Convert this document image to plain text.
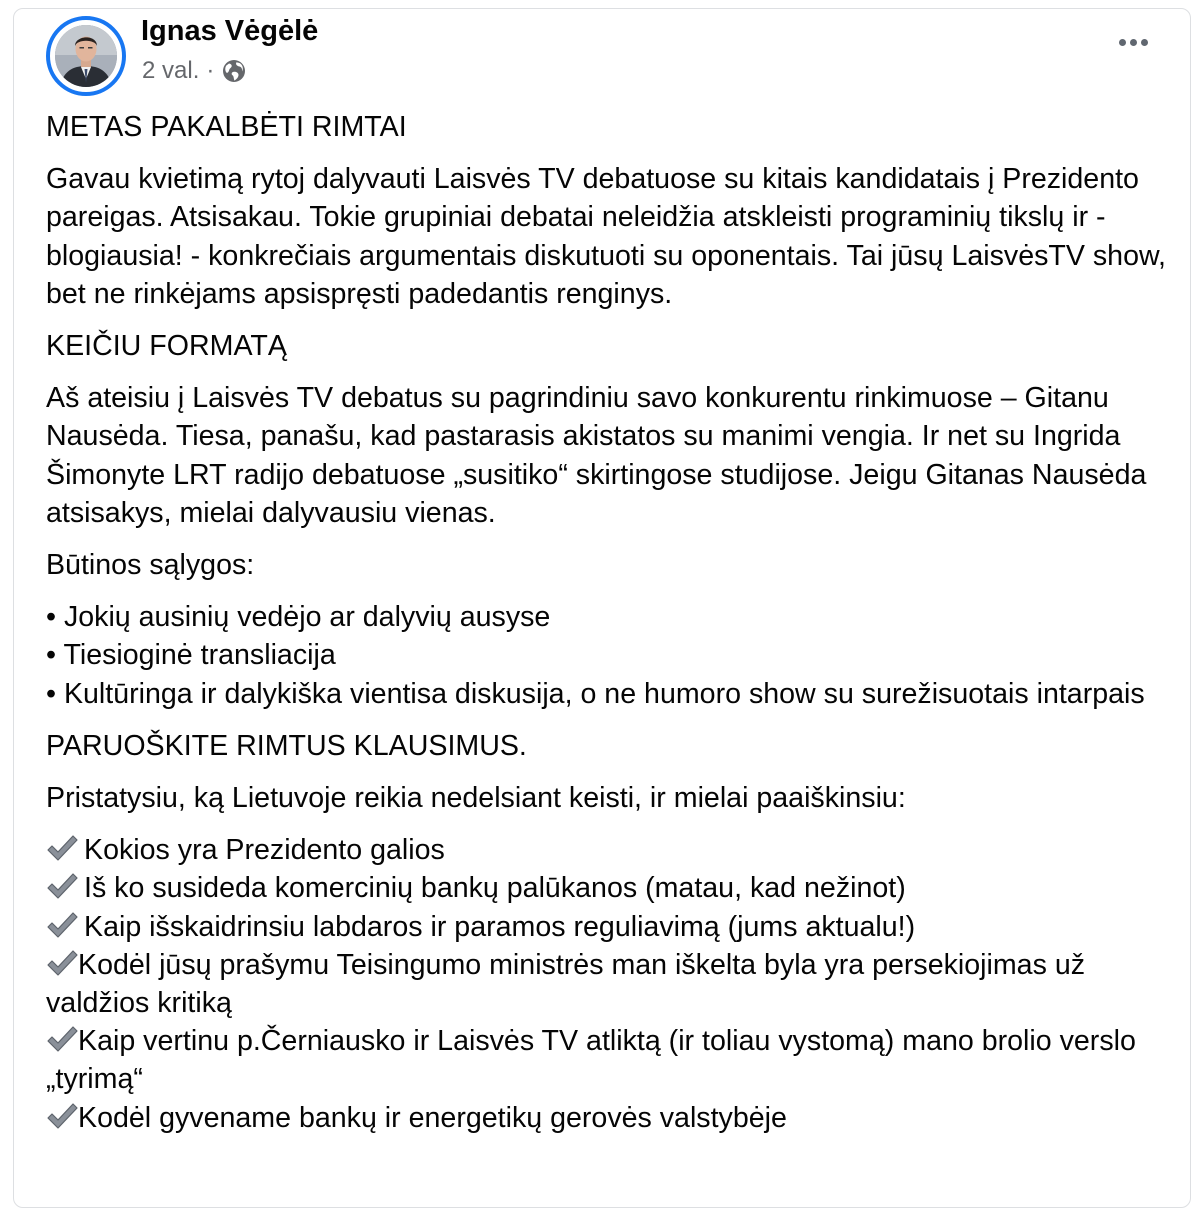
Ignas Vėgėlė
2 val. ·

METAS PAKALBĖTI RIMTAI

Gavau kvietimą rytoj dalyvauti Laisvės TV debatuose su kitais kandidatais į Prezidento pareigas. Atsisakau. Tokie grupiniai debatai neleidžia atskleisti programinių tikslų ir - blogiausia! - konkrečiais argumentais diskutuoti su oponentais. Tai jūsų LaisvėsTV show, bet ne rinkėjams apsispręsti padedantis renginys.

KEIČIU FORMATĄ

Aš ateisiu į Laisvės TV debatus su pagrindiniu savo konkurentu rinkimuose – Gitanu Nausėda. Tiesa, panašu, kad pastarasis akistatos su manimi vengia. Ir net su Ingrida Šimonyte LRT radijo debatuose „susitiko“ skirtingose studijose. Jeigu Gitanas Nausėda atsisakys, mielai dalyvausiu vienas.

Būtinos sąlygos:

• Jokių ausinių vedėjo ar dalyvių ausyse

• Tiesioginė transliacija

• Kultūringa ir dalykiška vientisa diskusija, o ne humoro show su surežisuotais intarpais

PARUOŠKITE RIMTUS KLAUSIMUS.

Pristatysiu, ką Lietuvoje reikia nedelsiant keisti, ir mielai paaiškinsiu:

Kokios yra Prezidento galios

Iš ko susideda komercinių bankų palūkanos (matau, kad nežinot)

Kaip išskaidrinsiu labdaros ir paramos reguliavimą (jums aktualu!)

Kodėl jūsų prašymu Teisingumo ministrės man iškelta byla yra persekiojimas už valdžios kritiką

Kaip vertinu p.Černiausko ir Laisvės TV atliktą (ir toliau vystomą) mano brolio verslo „tyrimą“

Kodėl gyvename bankų ir energetikų gerovės valstybėje
